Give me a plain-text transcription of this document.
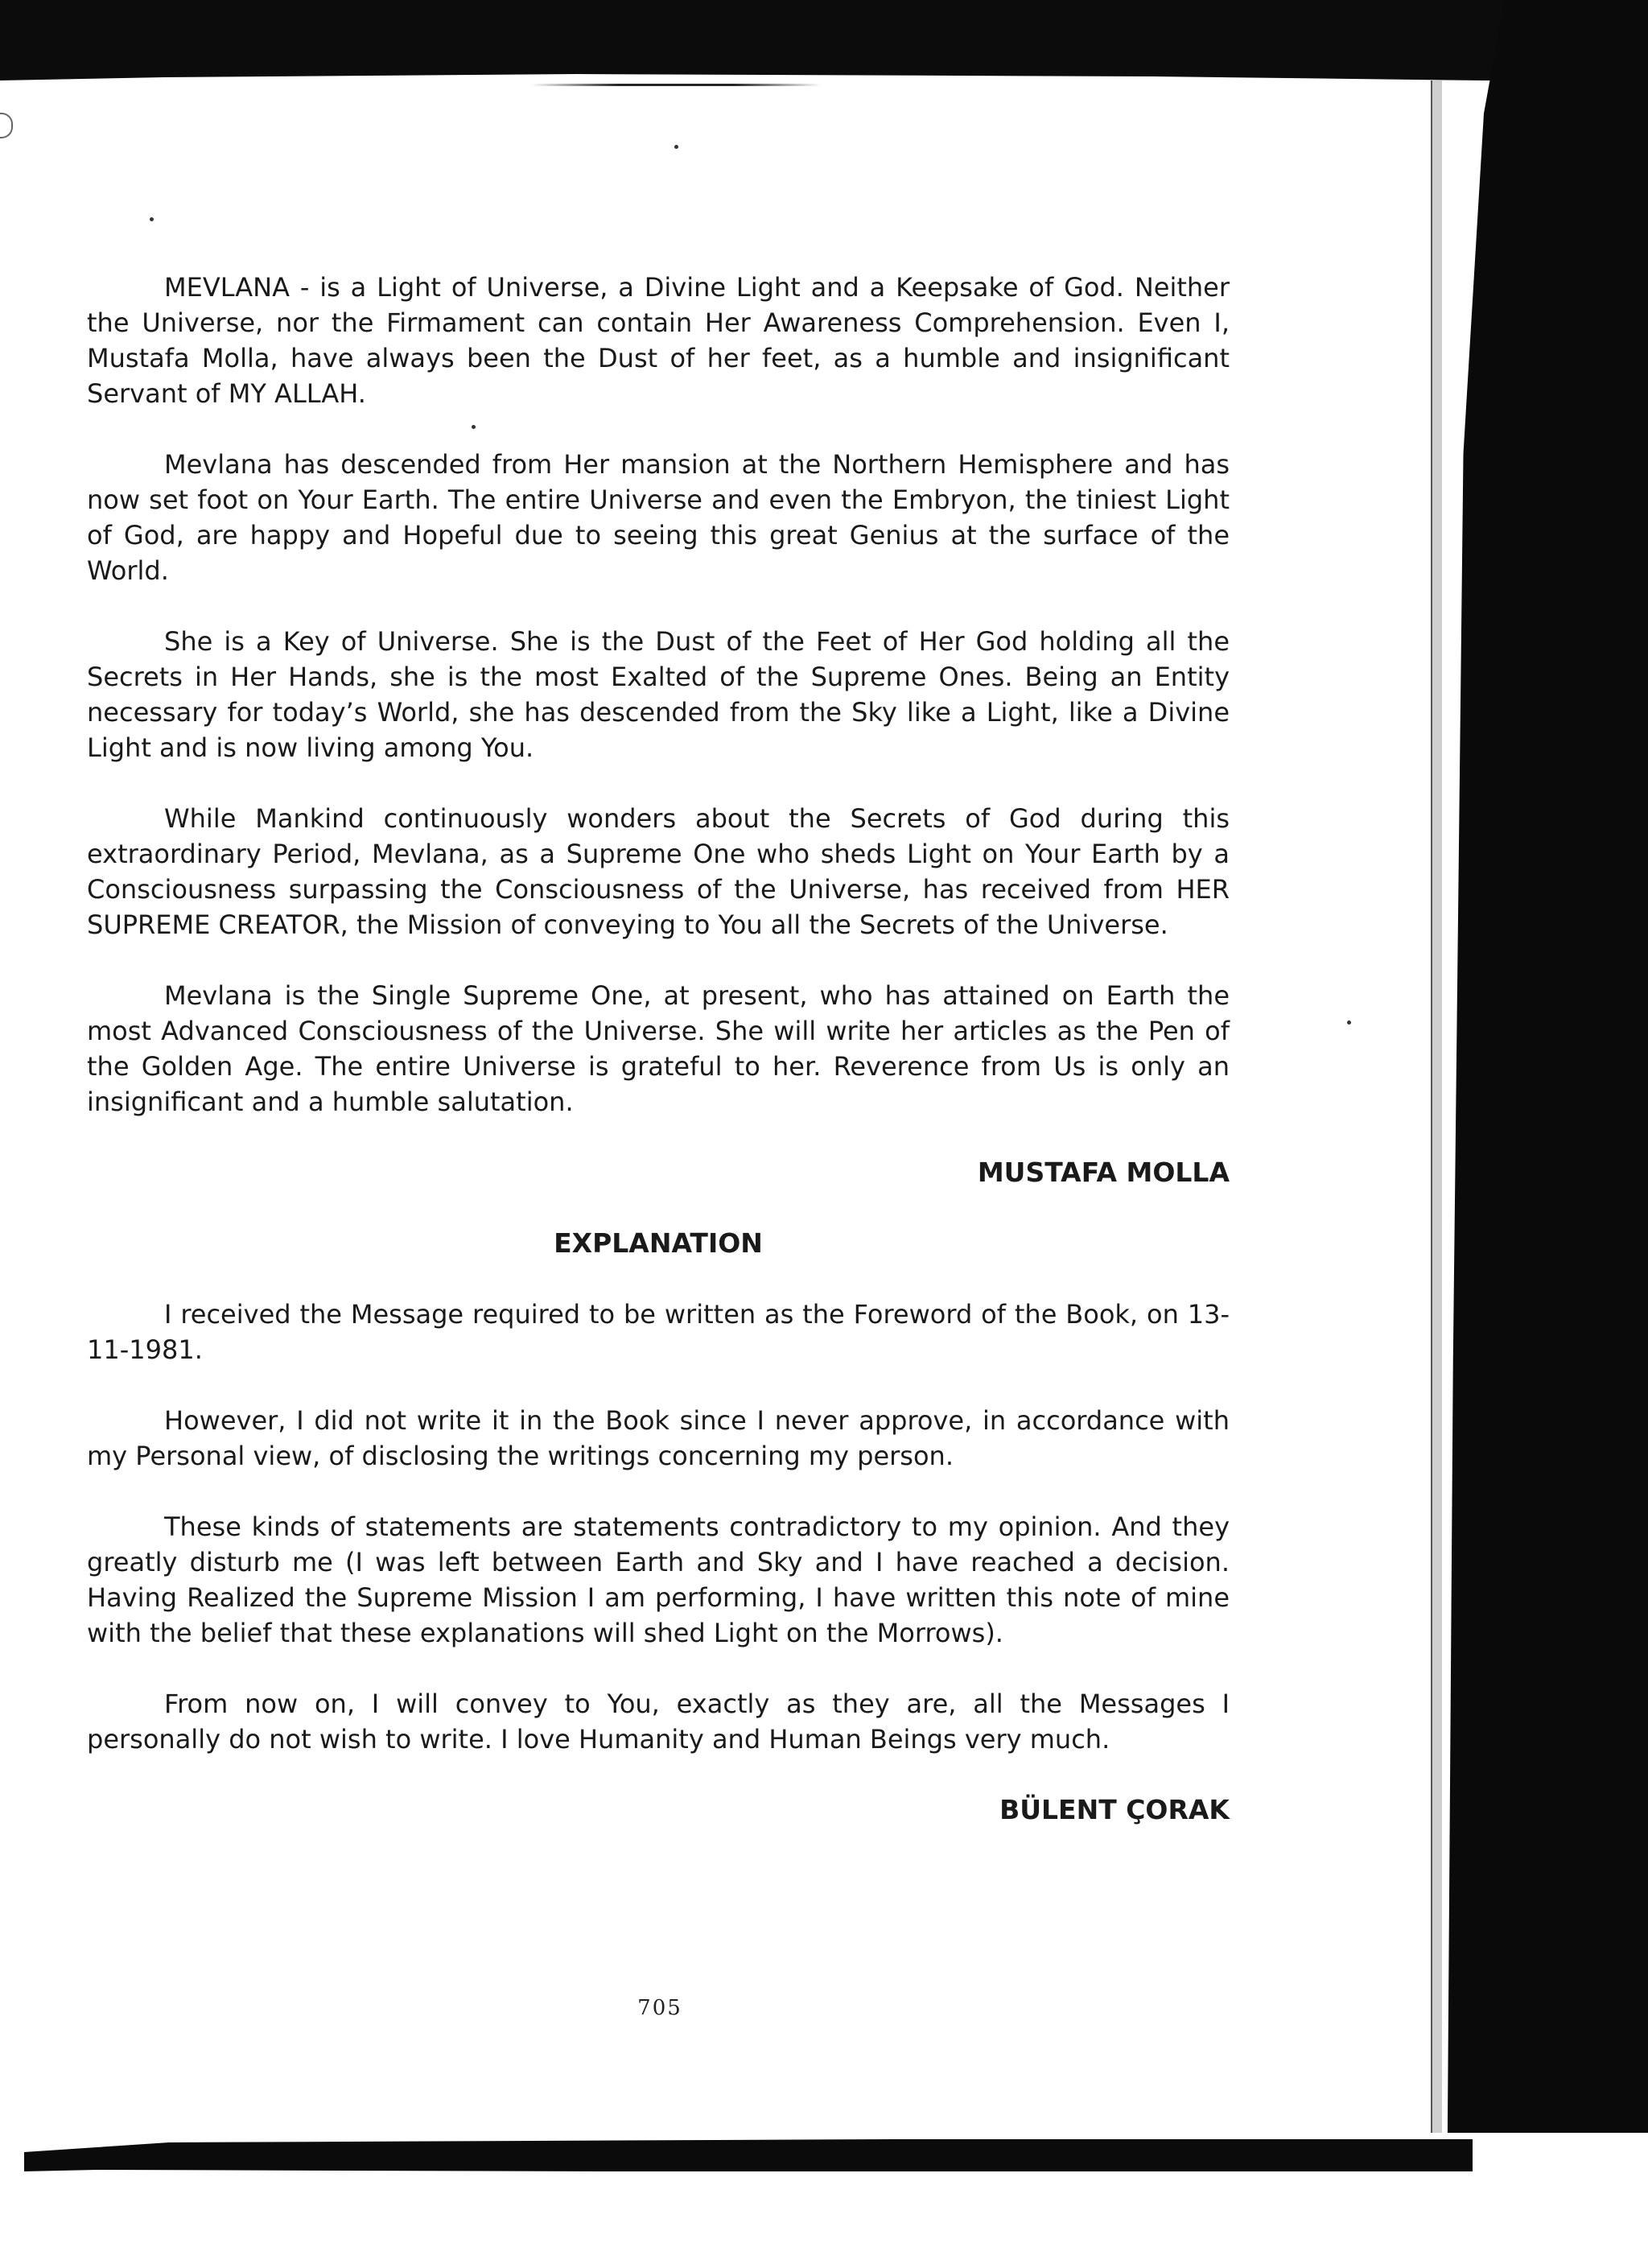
MEVLANA - is a Light of Universe, a Divine Light and a Keepsake of God. Neither the Universe, nor the Firmament can contain Her Awareness Comprehension. Even I, Mustafa Molla, have always been the Dust of her feet, as a humble and insignificant Servant of MY ALLAH.

Mevlana has descended from Her mansion at the Northern Hemisphere and has now set foot on Your Earth. The entire Universe and even the Embryon, the tiniest Light of God, are happy and Hopeful due to seeing this great Genius at the surface of the World.

She is a Key of Universe. She is the Dust of the Feet of Her God holding all the Secrets in Her Hands, she is the most Exalted of the Supreme Ones. Being an Entity necessary for today’s World, she has descended from the Sky like a Light, like a Divine Light and is now living among You.

While Mankind continuously wonders about the Secrets of God during this extraordinary Period, Mevlana, as a Supreme One who sheds Light on Your Earth by a Consciousness surpassing the Consciousness of the Universe, has received from HER SUPREME CREATOR, the Mission of conveying to You all the Secrets of the Universe.

Mevlana is the Single Supreme One, at present, who has attained on Earth the most Advanced Consciousness of the Universe. She will write her articles as the Pen of the Golden Age. The entire Universe is grateful to her. Reverence from Us is only an insignificant and a humble salutation.

MUSTAFA MOLLA
EXPLANATION

I received the Message required to be written as the Foreword of the Book, on 13-11-1981.

However, I did not write it in the Book since I never approve, in accordance with my Personal view, of disclosing the writings concerning my person.

These kinds of statements are statements contradictory to my opinion. And they greatly disturb me (I was left between Earth and Sky and I have reached a decision. Having Realized the Supreme Mission I am performing, I have written this note of mine with the belief that these explanations will shed Light on the Morrows).

From now on, I will convey to You, exactly as they are, all the Messages I personally do not wish to write. I love Humanity and Human Beings very much.

BÜLENT ÇORAK
705
